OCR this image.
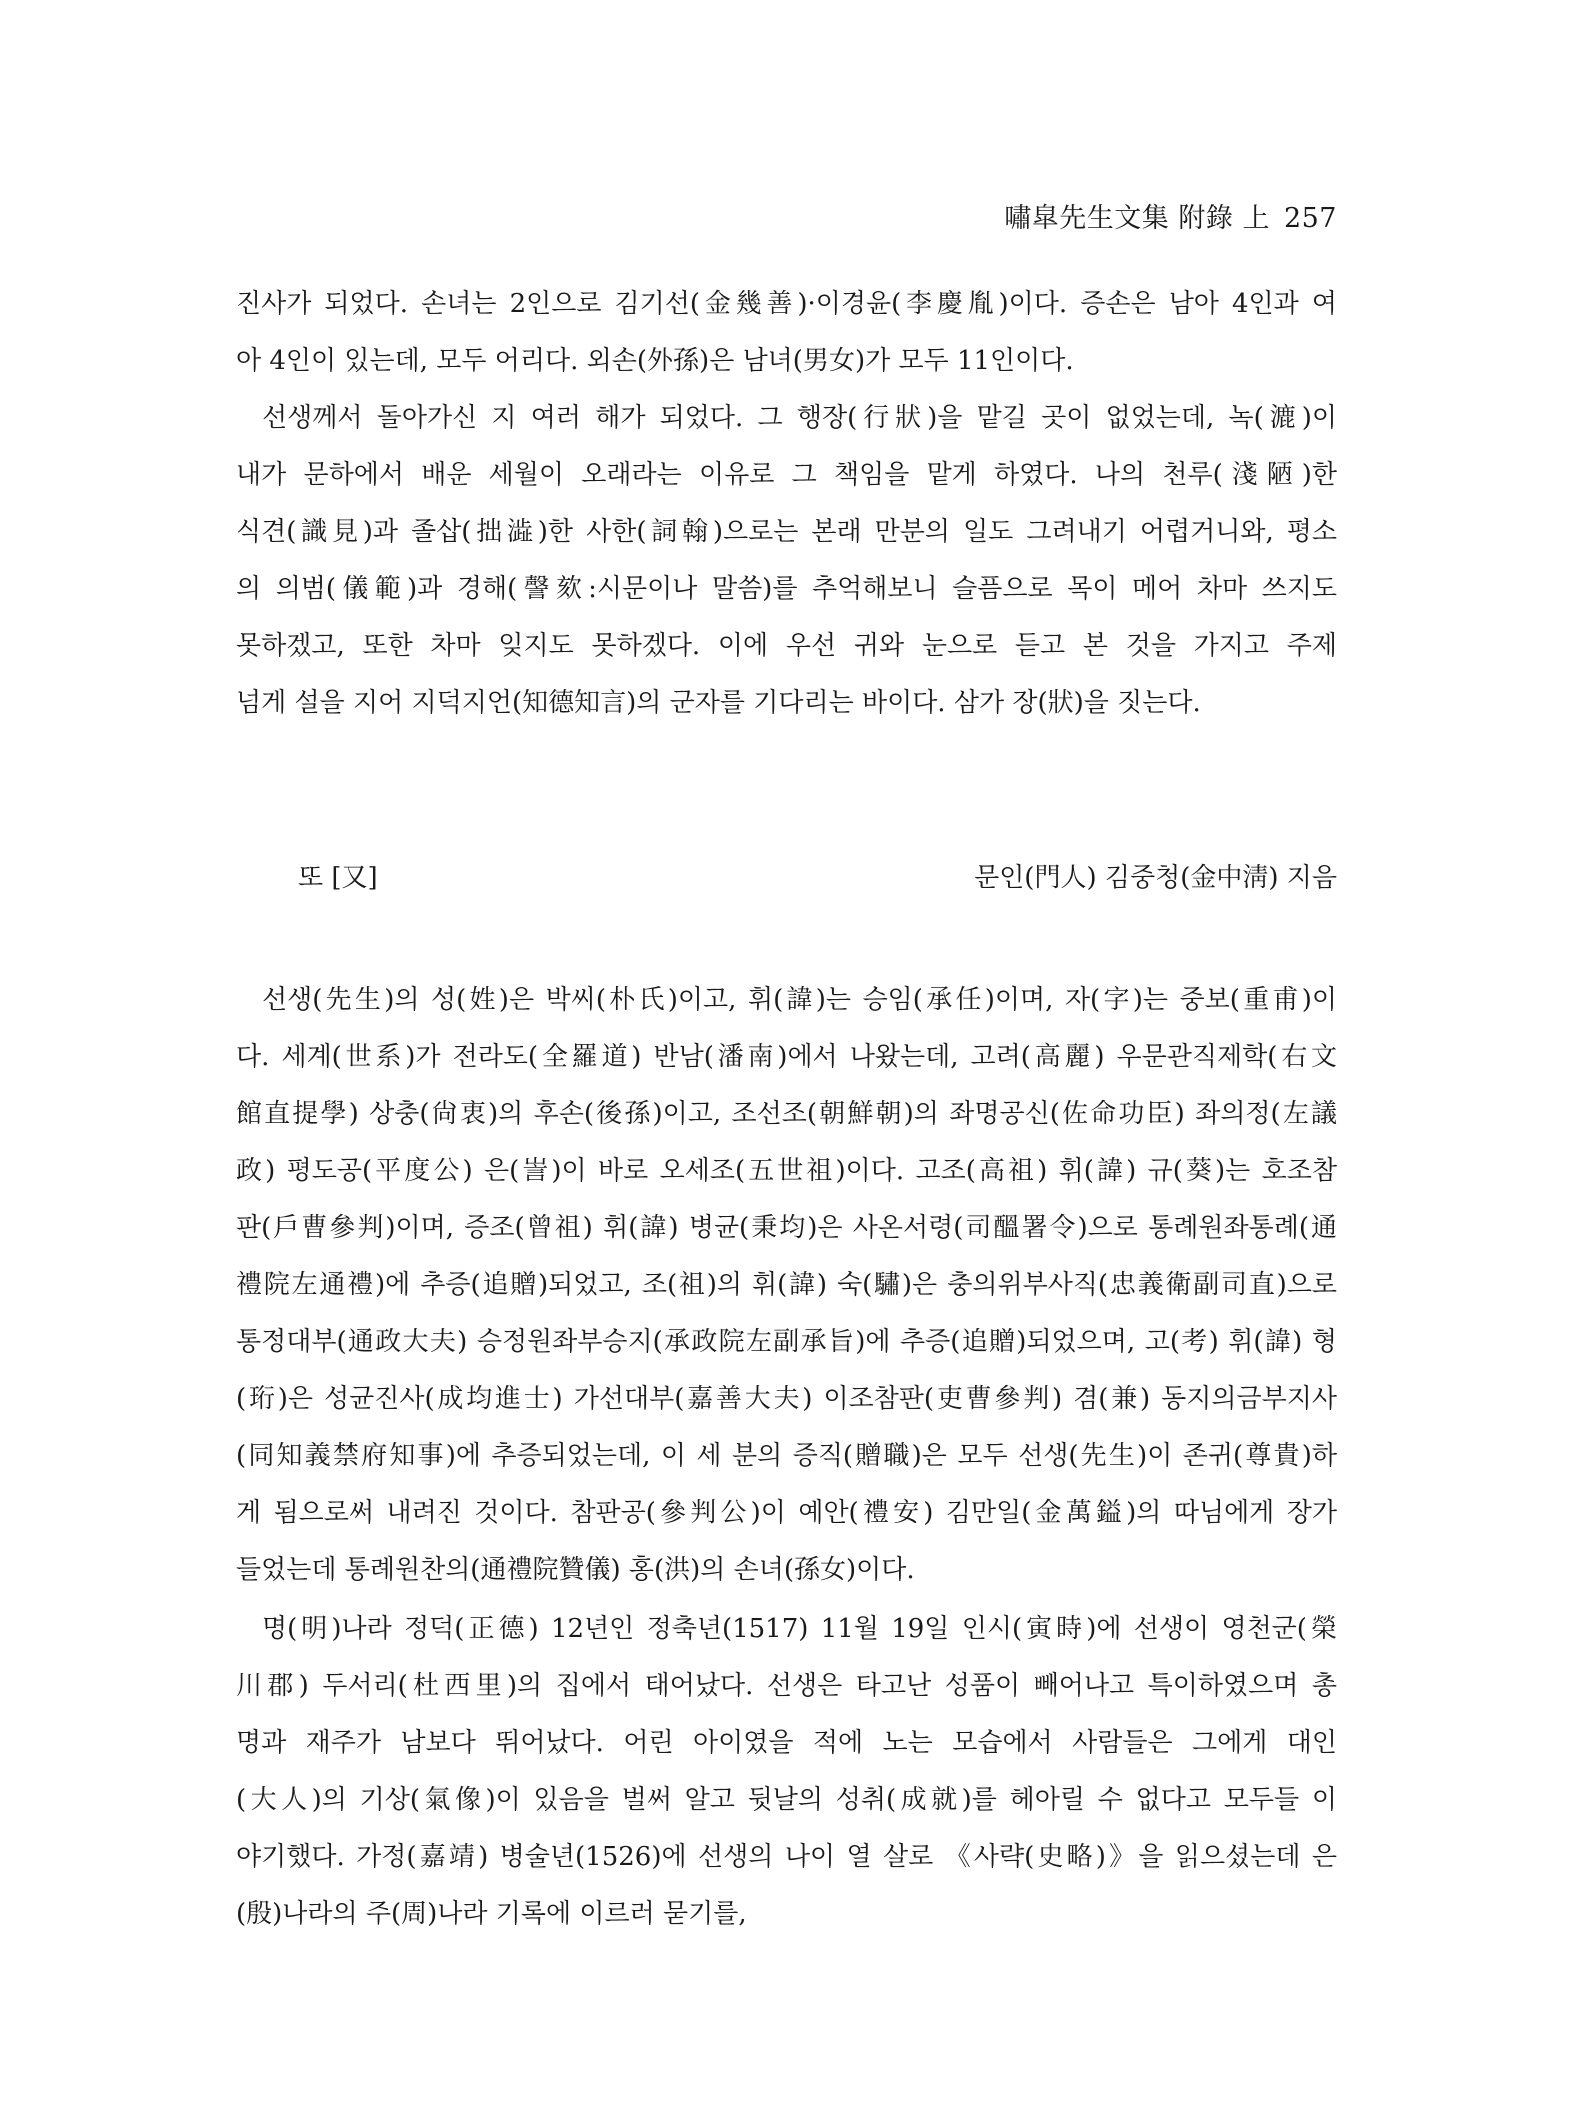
嘯皐先生文集 附錄 上 257
진사가 되었다. 손녀는 2인으로 김기선(金幾善)·이경윤(李慶胤)이다. 증손은 남아 4인과 여
아 4인이 있는데, 모두 어리다. 외손(外孫)은 남녀(男女)가 모두 11인이다.
선생께서 돌아가신 지 여러 해가 되었다. 그 행장(行狀)을 맡길 곳이 없었는데, 녹(漉)이
내가 문하에서 배운 세월이 오래라는 이유로 그 책임을 맡게 하였다. 나의 천루(淺陋)한
식견(識見)과 졸삽(拙澁)한 사한(詞翰)으로는 본래 만분의 일도 그려내기 어렵거니와, 평소
의 의범(儀範)과 경해(謦欬:시문이나 말씀)를 추억해보니 슬픔으로 목이 메어 차마 쓰지도
못하겠고, 또한 차마 잊지도 못하겠다. 이에 우선 귀와 눈으로 듣고 본 것을 가지고 주제
넘게 설을 지어 지덕지언(知德知言)의 군자를 기다리는 바이다. 삼가 장(狀)을 짓는다.
또 [又]	문인(門人) 김중청(金中淸) 지음
선생(先生)의 성(姓)은 박씨(朴氏)이고, 휘(諱)는 승임(承任)이며, 자(字)는 중보(重甫)이
다. 세계(世系)가 전라도(全羅道) 반남(潘南)에서 나왔는데, 고려(高麗) 우문관직제학(右文
館直提學) 상충(尙衷)의 후손(後孫)이고, 조선조(朝鮮朝)의 좌명공신(佐命功臣) 좌의정(左議
政) 평도공(平度公) 은(訔)이 바로 오세조(五世祖)이다. 고조(高祖) 휘(諱) 규(葵)는 호조참
판(戶曹參判)이며, 증조(曾祖) 휘(諱) 병균(秉均)은 사온서령(司醞署令)으로 통례원좌통례(通
禮院左通禮)에 추증(追贈)되었고, 조(祖)의 휘(諱) 숙(驌)은 충의위부사직(忠義衛副司直)으로
통정대부(通政大夫) 승정원좌부승지(承政院左副承旨)에 추증(追贈)되었으며, 고(考) 휘(諱) 형
(珩)은 성균진사(成均進士) 가선대부(嘉善大夫) 이조참판(吏曹參判) 겸(兼) 동지의금부지사
(同知義禁府知事)에 추증되었는데, 이 세 분의 증직(贈職)은 모두 선생(先生)이 존귀(尊貴)하
게 됨으로써 내려진 것이다. 참판공(參判公)이 예안(禮安) 김만일(金萬鎰)의 따님에게 장가
들었는데 통례원찬의(通禮院贊儀) 홍(洪)의 손녀(孫女)이다.
명(明)나라 정덕(正德) 12년인 정축년(1517) 11월 19일 인시(寅時)에 선생이 영천군(榮
川郡) 두서리(杜西里)의 집에서 태어났다. 선생은 타고난 성품이 빼어나고 특이하였으며 총
명과 재주가 남보다 뛰어났다. 어린 아이였을 적에 노는 모습에서 사람들은 그에게 대인
(大人)의 기상(氣像)이 있음을 벌써 알고 뒷날의 성취(成就)를 헤아릴 수 없다고 모두들 이
야기했다. 가정(嘉靖) 병술년(1526)에 선생의 나이 열 살로 《사략(史略)》을 읽으셨는데 은
(殷)나라의 주(周)나라 기록에 이르러 묻기를,
